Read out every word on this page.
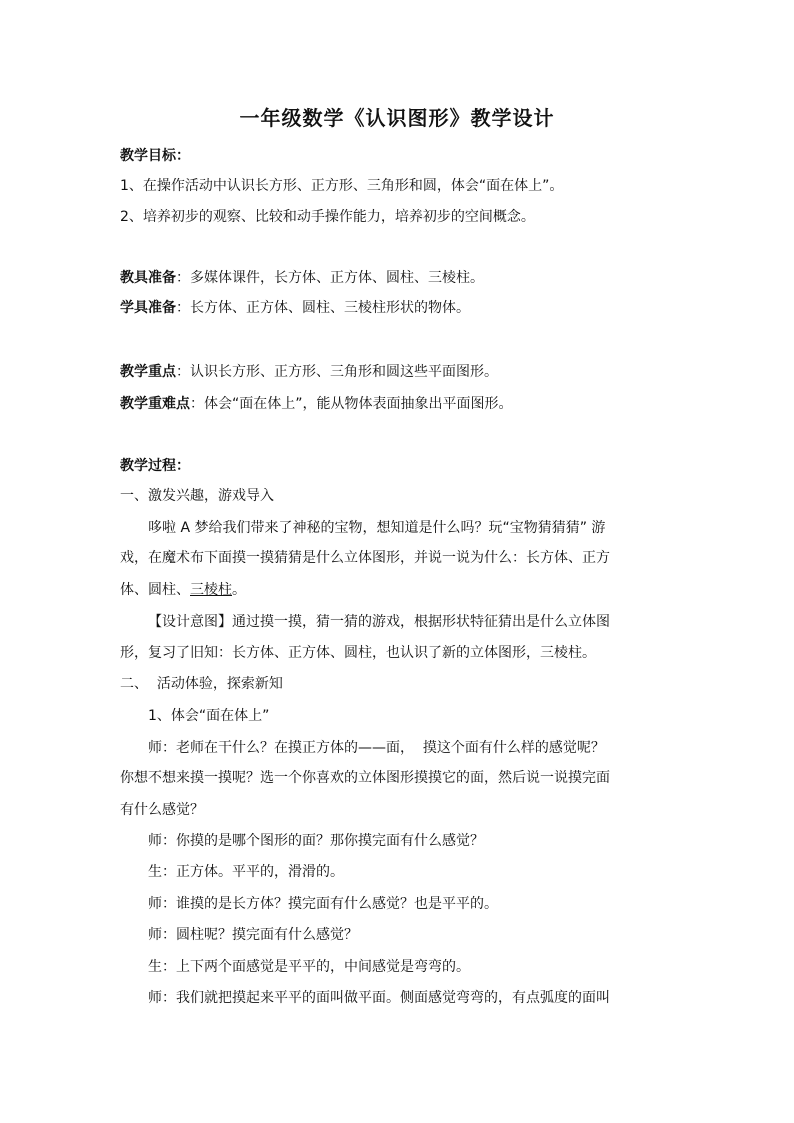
一年级数学《认识图形》教学设计
教学目标：
1、在操作活动中认识长方形、正方形、三角形和圆，体会“面在体上”。
2、培养初步的观察、比较和动手操作能力，培养初步的空间概念。
教具准备：多媒体课件，长方体、正方体、圆柱、三棱柱。
学具准备：长方体、正方体、圆柱、三棱柱形状的物体。
教学重点：认识长方形、正方形、三角形和圆这些平面图形。
教学重难点：体会“面在体上”，能从物体表面抽象出平面图形。
教学过程：
一、激发兴趣，游戏导入
哆啦 A 梦给我们带来了神秘的宝物，想知道是什么吗？玩“宝物猜猜猜” 游
戏，在魔术布下面摸一摸猜猜是什么立体图形，并说一说为什么：长方体、正方
体、圆柱、三棱柱。
【设计意图】通过摸一摸，猜一猜的游戏，根据形状特征猜出是什么立体图
形，复习了旧知：长方体、正方体、圆柱，也认识了新的立体图形，三棱柱。
二、  活动体验，探索新知
1、体会“面在体上”
师：老师在干什么？在摸正方体的——面，  摸这个面有什么样的感觉呢？
你想不想来摸一摸呢？选一个你喜欢的立体图形摸摸它的面，然后说一说摸完面
有什么感觉？
师：你摸的是哪个图形的面？那你摸完面有什么感觉？
生：正方体。平平的，滑滑的。
师：谁摸的是长方体？摸完面有什么感觉？也是平平的。
师：圆柱呢？摸完面有什么感觉？
生：上下两个面感觉是平平的，中间感觉是弯弯的。
师：我们就把摸起来平平的面叫做平面。侧面感觉弯弯的，有点弧度的面叫
